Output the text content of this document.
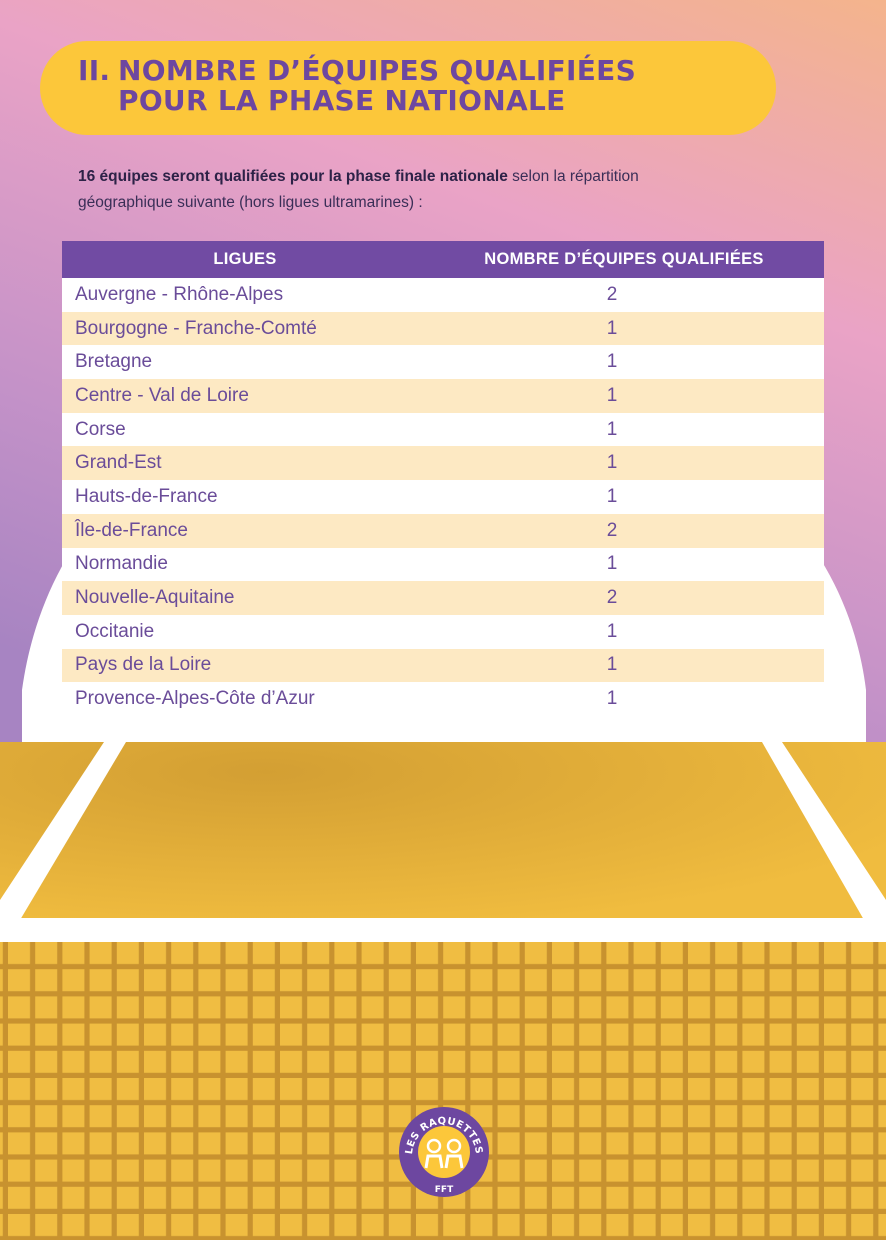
II. NOMBRE D’ÉQUIPES QUALIFIÉES
POUR LA PHASE NATIONALE

16 équipes seront qualifiées pour la phase finale nationale selon la répartition
géographique suivante (hors ligues ultramarines) :

LIGUES	NOMBRE D’ÉQUIPES QUALIFIÉES
Auvergne - Rhône-Alpes	2
Bourgogne - Franche-Comté	1
Bretagne	1
Centre - Val de Loire	1
Corse	1
Grand-Est	1
Hauts-de-France	1
Île-de-France	2
Normandie	1
Nouvelle-Aquitaine	2
Occitanie	1
Pays de la Loire	1
Provence-Alpes-Côte d’Azur	1
LES RAQUETTES
FFT
